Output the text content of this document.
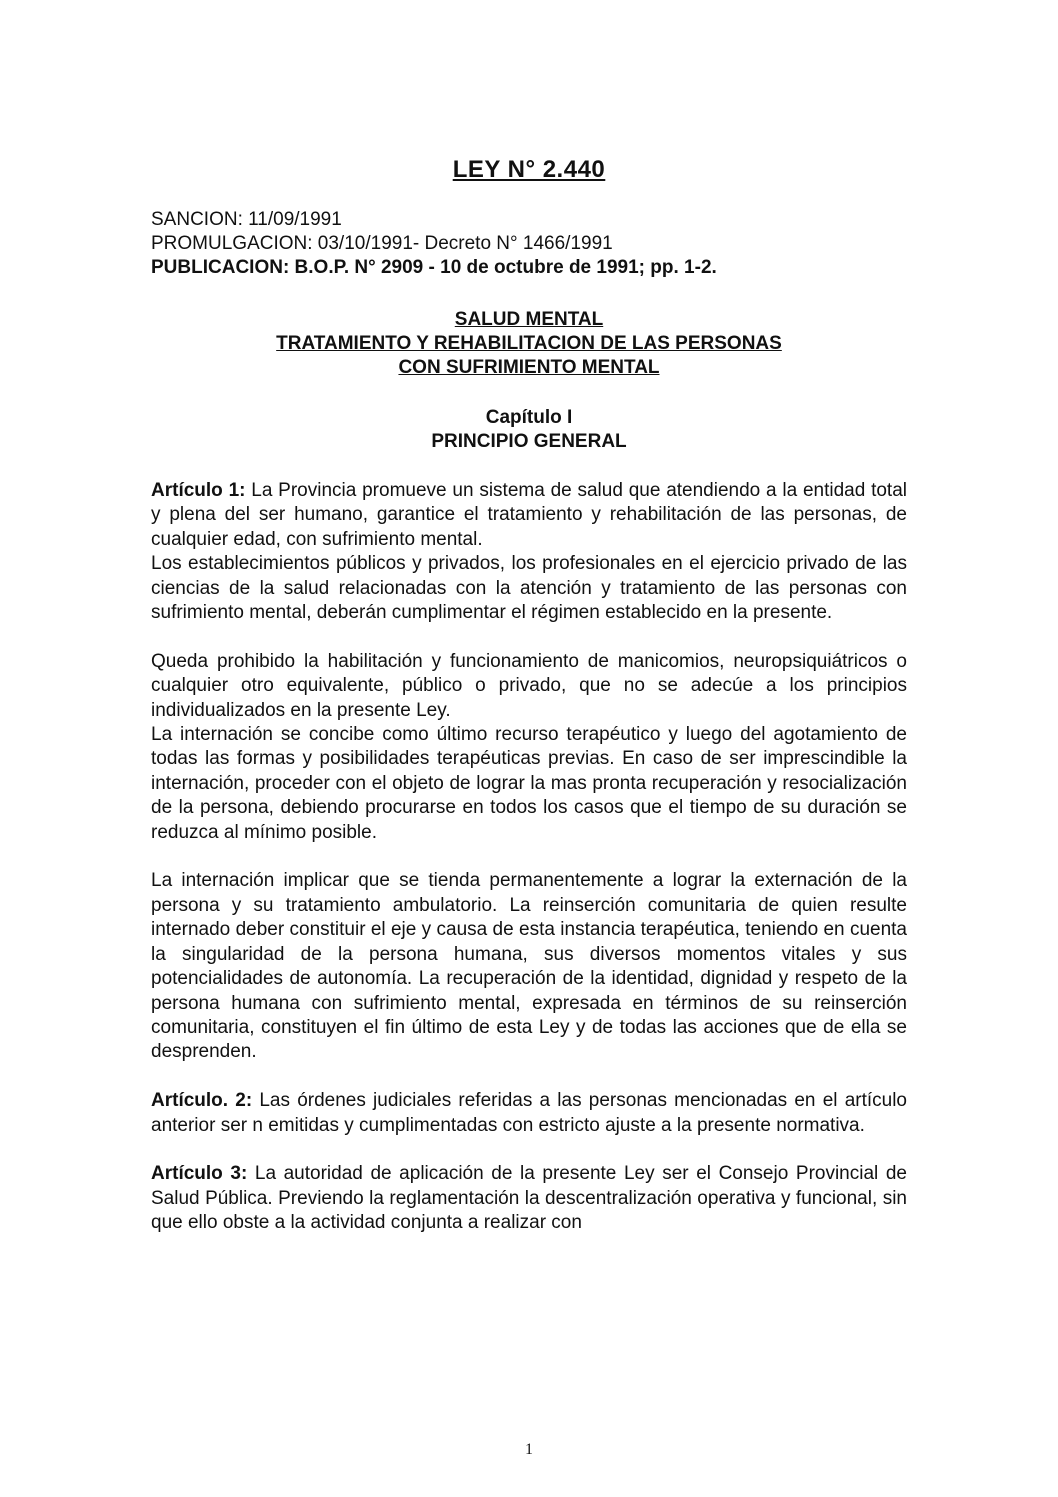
LEY N° 2.440
SANCION: 11/09/1991
PROMULGACION: 03/10/1991- Decreto N° 1466/1991
PUBLICACION: B.O.P. N° 2909 - 10 de octubre de 1991; pp. 1-2.
SALUD MENTAL
TRATAMIENTO Y REHABILITACION DE LAS PERSONAS
CON SUFRIMIENTO MENTAL
Capítulo I
PRINCIPIO GENERAL

Artículo 1: La Provincia promueve un sistema de salud que atendiendo a la entidad total y plena del ser humano, garantice el tratamiento y rehabilitación de las personas, de cualquier edad, con sufrimiento mental.

Los establecimientos públicos y privados, los profesionales en el ejercicio privado de las ciencias de la salud relacionadas con la atención y tratamiento de las personas con sufrimiento mental, deberán cumplimentar el régimen establecido en la presente.

Queda prohibido la habilitación y funcionamiento de manicomios, neuropsiquiátricos o cualquier otro equivalente, público o privado, que no se adecúe a los principios individualizados en la presente Ley.

La internación se concibe como último recurso terapéutico y luego del agotamiento de todas las formas y posibilidades terapéuticas previas. En caso de ser imprescindible la internación, proceder con el objeto de lograr la mas pronta recuperación y resocialización de la persona, debiendo procurarse en todos los casos que el tiempo de su duración se reduzca al mínimo posible.

La internación implicar que se tienda permanentemente a lograr la externación de la persona y su tratamiento ambulatorio. La reinserción comunitaria de quien resulte internado deber constituir el eje y causa de esta instancia terapéutica, teniendo en cuenta la singularidad de la persona humana, sus diversos momentos vitales y sus potencialidades de autonomía. La recuperación de la identidad, dignidad y respeto de la persona humana con sufrimiento mental, expresada en términos de su reinserción comunitaria, constituyen el fin último de esta Ley y de todas las acciones que de ella se desprenden.

Artículo. 2: Las órdenes judiciales referidas a las personas mencionadas en el artículo anterior ser n emitidas y cumplimentadas con estricto ajuste a la presente normativa.

Artículo 3: La autoridad de aplicación de la presente Ley ser el Consejo Provincial de Salud Pública. Previendo la reglamentación la descentralización operativa y funcional, sin que ello obste a la actividad conjunta a realizar con

1
